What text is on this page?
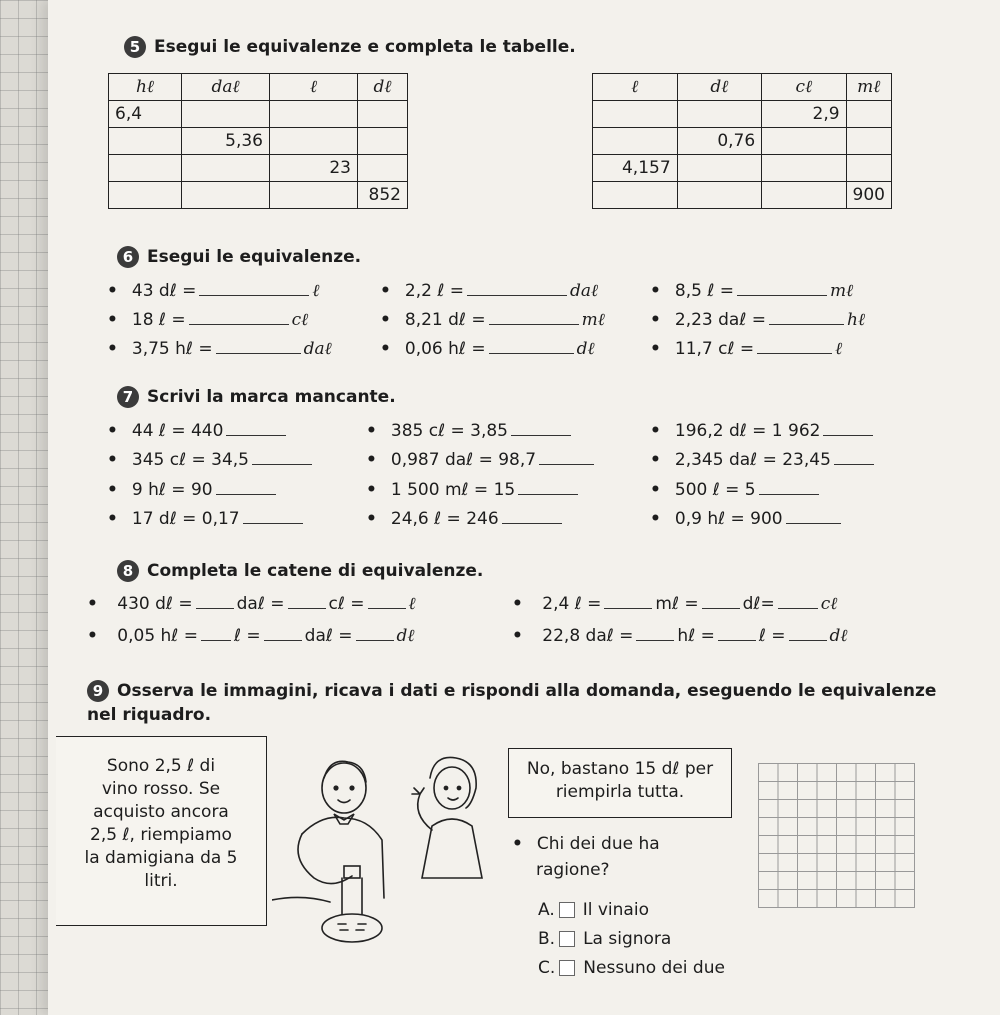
5 Esegui le equivalenze e completa le tabelle.
hℓ	daℓ	ℓ	dℓ
6,4			
	5,36		
		23	
			852
ℓ	dℓ	cℓ	mℓ
		2,9	
	0,76		
4,157			
			900
6 Esegui le equivalenze.
• 43 dℓ =	ℓ	• 2,2 ℓ =	daℓ	• 8,5 ℓ =	mℓ
• 18 ℓ =	cℓ	• 8,21 dℓ =	mℓ	• 2,23 daℓ =	hℓ
• 3,75 hℓ =	daℓ	• 0,06 hℓ =	dℓ	• 11,7 cℓ =	ℓ
7 Scrivi la marca mancante.
• 44 ℓ = 440	• 385 cℓ = 3,85	• 196,2 dℓ = 1 962
• 345 cℓ = 34,5	• 0,987 daℓ = 98,7	• 2,345 daℓ = 23,45
• 9 hℓ = 90	• 1 500 mℓ = 15	• 500 ℓ = 5
• 17 dℓ = 0,17	• 24,6 ℓ = 246	• 0,9 hℓ = 900
8 Completa le catene di equivalenze.
• 430 dℓ =	daℓ =	cℓ =	ℓ	• 2,4 ℓ =	mℓ =	dℓ=	cℓ
• 0,05 hℓ = ℓ =	daℓ =	dℓ	• 22,8 daℓ =	hℓ =	ℓ =	dℓ
9 Osserva le immagini, ricava i dati e rispondi alla domanda, eseguendo le equivalenze
nel riquadro.
Sono 2,5 ℓ di
vino rosso. Se
acquisto ancora
2,5 ℓ, riempiamo
la damigiana da 5
litri.
No, bastano 15 dℓ per
riempirla tutta.
• Chi dei due ha
ragione?
A. Il vinaio
B. La signora
C. Nessuno dei due
